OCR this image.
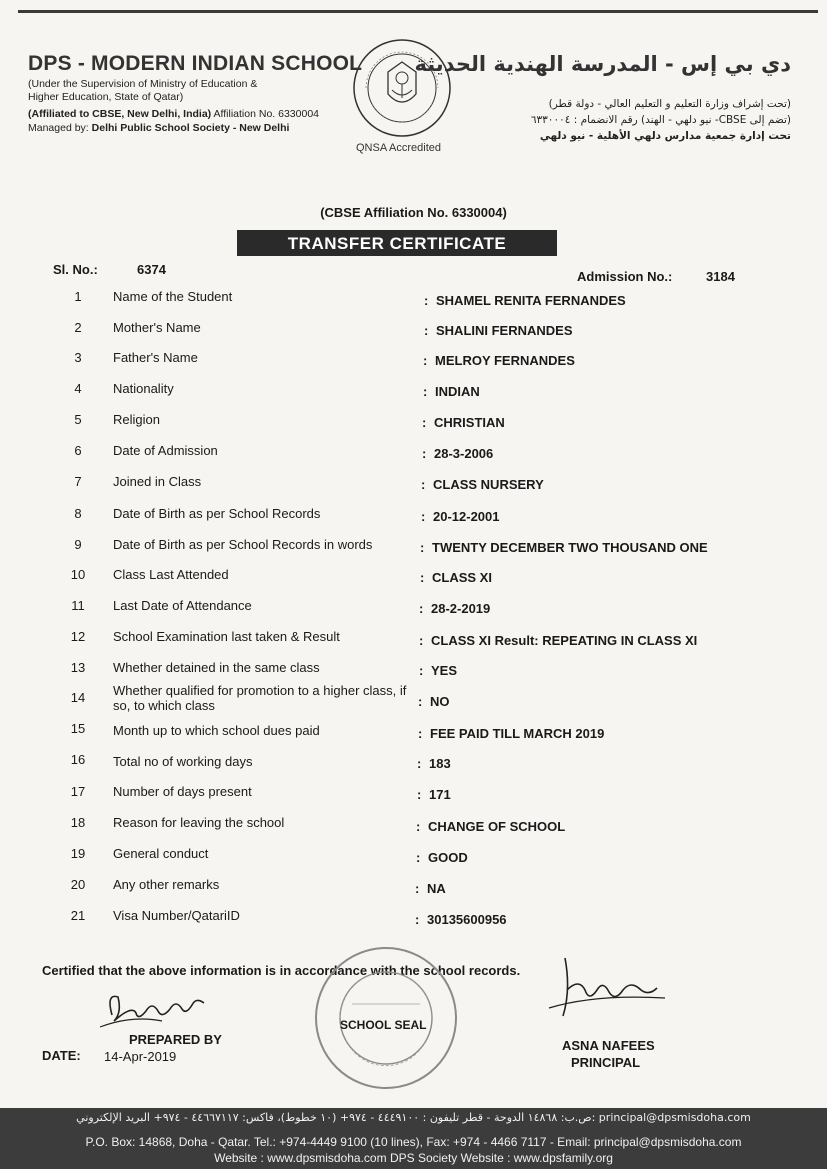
DPS - MODERN INDIAN SCHOOL
(Under the Supervision of Ministry of Education &
Higher Education, State of Qatar)
(Affiliated to CBSE, New Delhi, India) Affiliation No. 6330004
Managed by: Delhi Public School Society - New Delhi
QNSA Accredited
دي بي إس - المدرسة الهندية الحديثة
(تحت إشراف وزارة التعليم و التعليم العالي - دولة قطر)
(تضم إلى CBSE- نيو دلهي - الهند) رقم الانضمام : ٦٣٣٠٠٠٤
تحت إدارة جمعية مدارس دلهي الأهلية - نيو دلهي
(CBSE Affiliation No. 6330004)
TRANSFER CERTIFICATE
Sl. No.:	6374	Admission No.:	3184
1	Name of the Student	: SHAMEL RENITA FERNANDES
2	Mother's Name	: SHALINI FERNANDES
3	Father's Name	: MELROY FERNANDES
4	Nationality	: INDIAN
5	Religion	: CHRISTIAN
6	Date of Admission	: 28-3-2006
7	Joined in Class	: CLASS NURSERY
8	Date of Birth as per School Records	: 20-12-2001
9	Date of Birth as per School Records in words	: TWENTY DECEMBER TWO THOUSAND ONE
10	Class Last Attended	: CLASS XI
11	Last Date of Attendance	: 28-2-2019
12	School Examination last taken & Result	: CLASS XI Result: REPEATING IN CLASS XI
13	Whether detained in the same class	: YES
14	Whether qualified for promotion to a higher class, if so, to which class	: NO
15	Month up to which school dues paid	: FEE PAID TILL MARCH 2019
16	Total no of working days	: 183
17	Number of days present	: 171
18	Reason for leaving the school	: CHANGE OF SCHOOL
19	General conduct	: GOOD
20	Any other remarks	: NA
21	Visa Number/QatariID	: 30135600956
Certified that the above information is in accordance with the school records.
PREPARED BY
DATE: 14-Apr-2019
SCHOOL SEAL
ASNA NAFEES
PRINCIPAL
ص.ب: ١٤٨٦٨ الدوحة - قطر تليفون : ٤٤٤٩١٠٠ - ٩٧٤+ (١٠ خطوط)، فاكس: ٤٤٦٦٧١١٧ - ٩٧٤+ البريد الإلكتروني: principal@dpsmisdoha.com
P.O. Box: 14868, Doha - Qatar. Tel.: +974-4449 9100 (10 lines), Fax: +974 - 4466 7117 - Email: principal@dpsmisdoha.com
Website : www.dpsmisdoha.com DPS Society Website : www.dpsfamily.org
